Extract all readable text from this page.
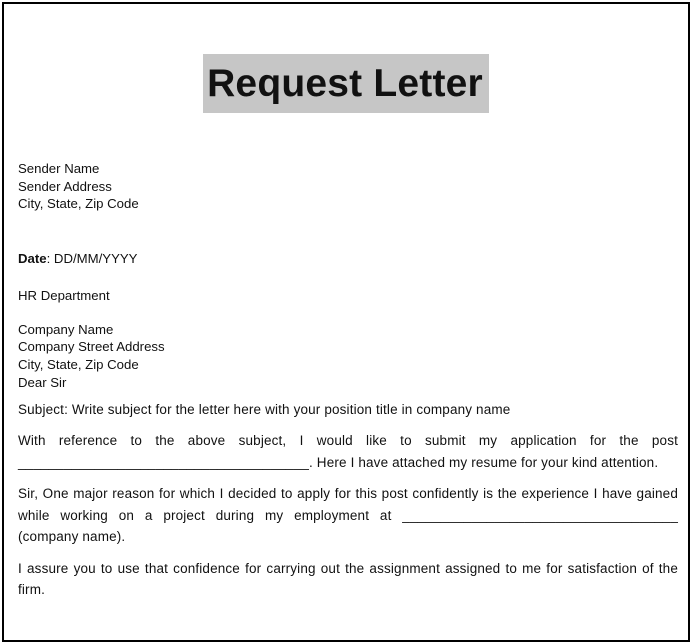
Request Letter
Sender Name
Sender Address
City, State, Zip Code
Date: DD/MM/YYYY
HR Department
Company Name
Company Street Address
City, State, Zip Code
Dear Sir
Subject: Write subject for the letter here with your position title in company name
With reference to the above subject, I would like to submit my application for the post ______________________________________. Here I have attached my resume for your kind attention.
Sir, One major reason for which I decided to apply for this post confidently is the experience I have gained while working on a project during my employment at ____________________________________ (company name).
I assure you to use that confidence for carrying out the assignment assigned to me for satisfaction of the firm.
